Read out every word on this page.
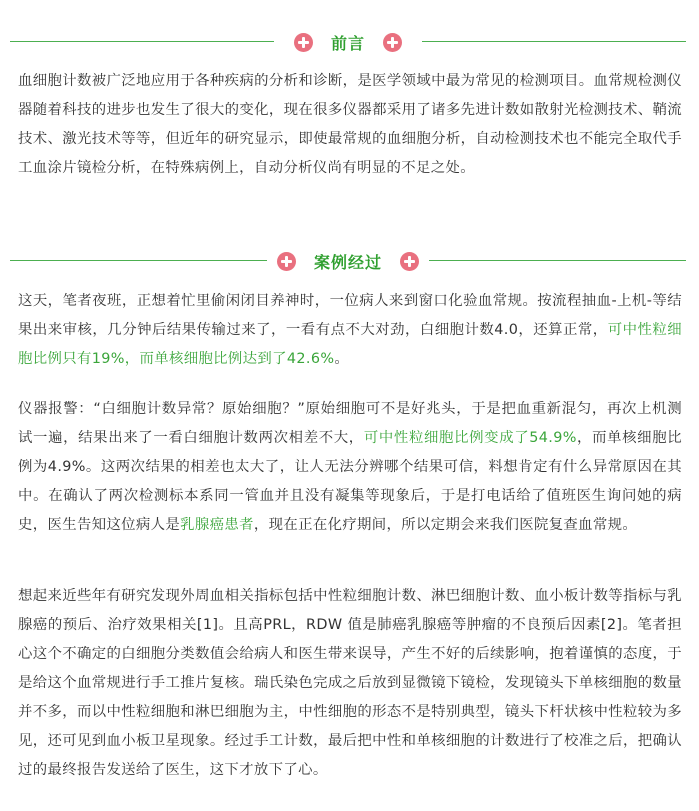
前言

血细胞计数被广泛地应用于各种疾病的分析和诊断，是医学领域中最为常见的检测项目。血常规检测仪器随着科技的进步也发生了很大的变化，现在很多仪器都采用了诸多先进计数如散射光检测技术、鞘流技术、激光技术等等，但近年的研究显示，即使最常规的血细胞分析，自动检测技术也不能完全取代手工血涂片镜检分析，在特殊病例上，自动分析仪尚有明显的不足之处。

案例经过

这天，笔者夜班，正想着忙里偷闲闭目养神时，一位病人来到窗口化验血常规。按流程抽血-上机-等结果出来审核，几分钟后结果传输过来了，一看有点不大对劲，白细胞计数4.0，还算正常，可中性粒细胞比例只有19%，而单核细胞比例达到了42.6%。

仪器报警：“白细胞计数异常？原始细胞？”原始细胞可不是好兆头，于是把血重新混匀，再次上机测试一遍，结果出来了一看白细胞计数两次相差不大，可中性粒细胞比例变成了54.9%，而单核细胞比例为4.9%。这两次结果的相差也太大了，让人无法分辨哪个结果可信，料想肯定有什么异常原因在其中。在确认了两次检测标本系同一管血并且没有凝集等现象后，于是打电话给了值班医生询问她的病史，医生告知这位病人是乳腺癌患者，现在正在化疗期间，所以定期会来我们医院复查血常规。

想起来近些年有研究发现外周血相关指标包括中性粒细胞计数、淋巴细胞计数、血小板计数等指标与乳腺癌的预后、治疗效果相关[1]。且高PRL，RDW 值是肺癌乳腺癌等肿瘤的不良预后因素[2]。笔者担心这个不确定的白细胞分类数值会给病人和医生带来误导，产生不好的后续影响，抱着谨慎的态度，于是给这个血常规进行手工推片复核。瑞氏染色完成之后放到显微镜下镜检，发现镜头下单核细胞的数量并不多，而以中性粒细胞和淋巴细胞为主，中性细胞的形态不是特别典型，镜头下杆状核中性粒较为多见，还可见到血小板卫星现象。经过手工计数，最后把中性和单核细胞的计数进行了校准之后，把确认过的最终报告发送给了医生，这下才放下了心。
